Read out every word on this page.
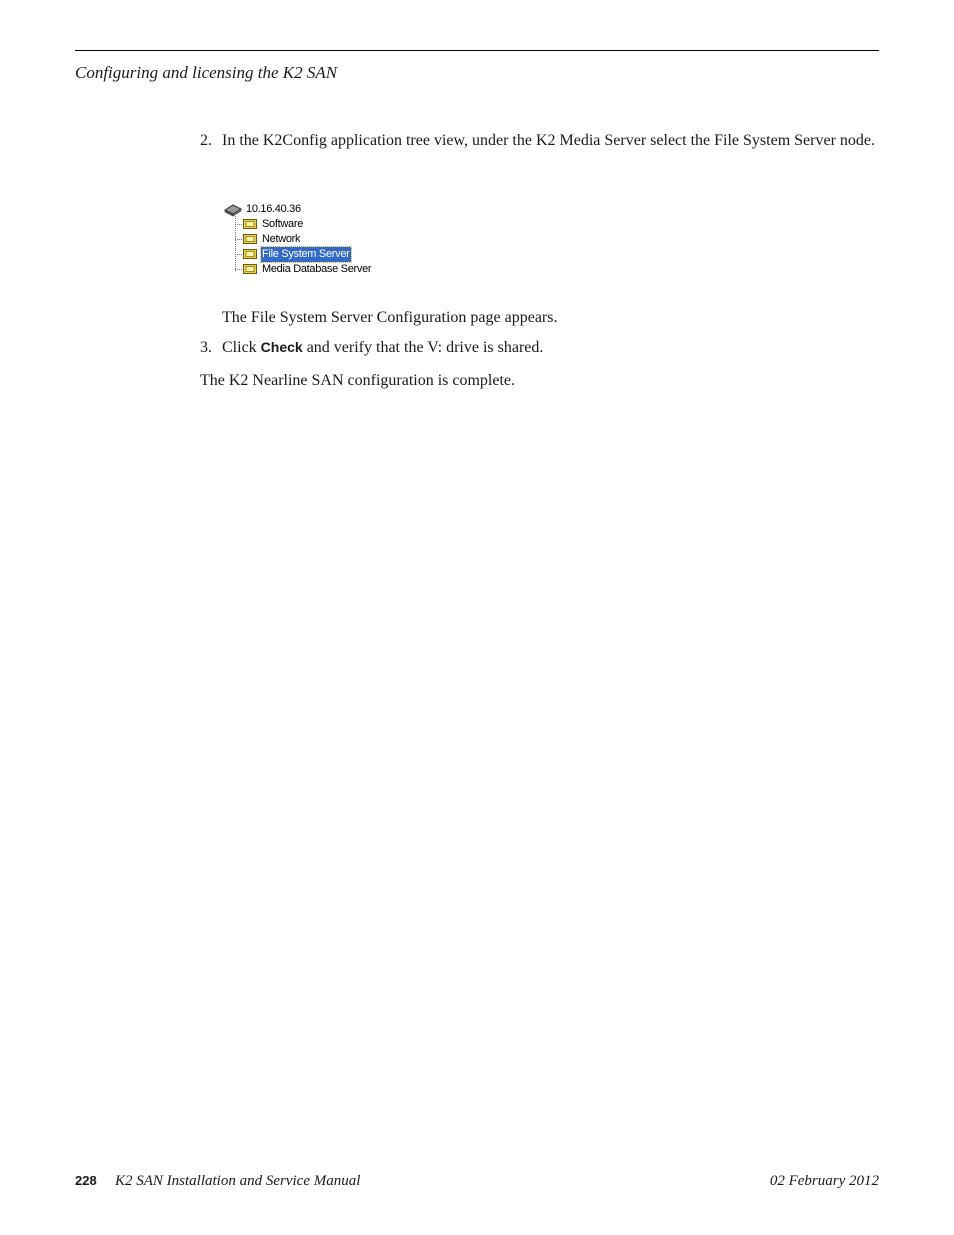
Configuring and licensing the K2 SAN
2. In the K2Config application tree view, under the K2 Media Server select the File System Server node.
10.16.40.36
Software
Network
File System Server
Media Database Server
The File System Server Configuration page appears.
3. Click Check and verify that the V: drive is shared.
The K2 Nearline SAN configuration is complete.
228 K2 SAN Installation and Service Manual	02 February 2012
